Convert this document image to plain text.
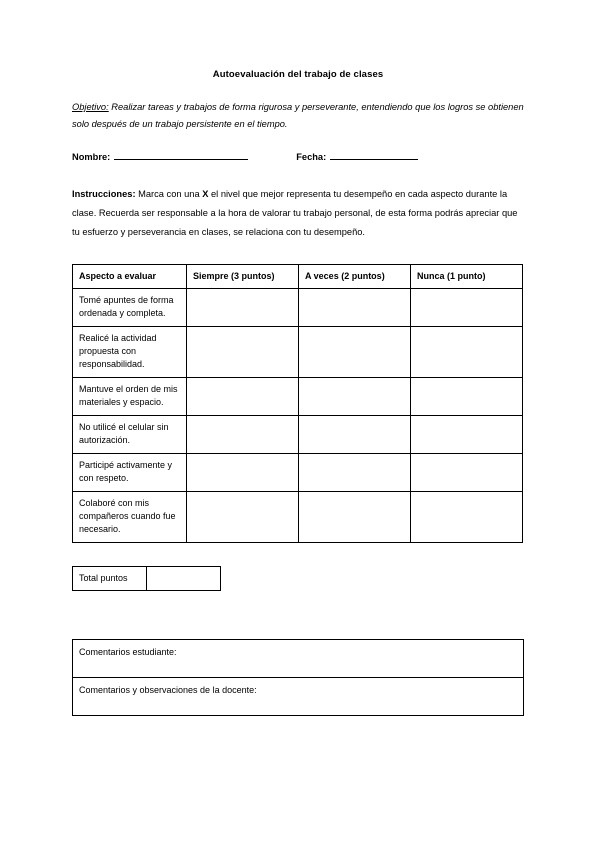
Autoevaluación del trabajo de clases

Objetivo: Realizar tareas y trabajos de forma rigurosa y perseverante, entendiendo que los logros se obtienen solo después de un trabajo persistente en el tiempo.

Nombre:	Fecha:

Instrucciones: Marca con una X el nivel que mejor representa tu desempeño en cada aspecto durante la clase. Recuerda ser responsable a la hora de valorar tu trabajo personal, de esta forma podrás apreciar que tu esfuerzo y perseverancia en clases, se relaciona con tu desempeño.

Aspecto a evaluar	Siempre (3 puntos)	A veces (2 puntos)	Nunca (1 punto)
Tomé apuntes de forma ordenada y completa.			
Realicé la actividad propuesta con responsabilidad.			
Mantuve el orden de mis materiales y espacio.			
No utilicé el celular sin autorización.			
Participé activamente y con respeto.			
Colaboré con mis compañeros cuando fue necesario.			
Total puntos	
Comentarios estudiante:
Comentarios y observaciones de la docente:
